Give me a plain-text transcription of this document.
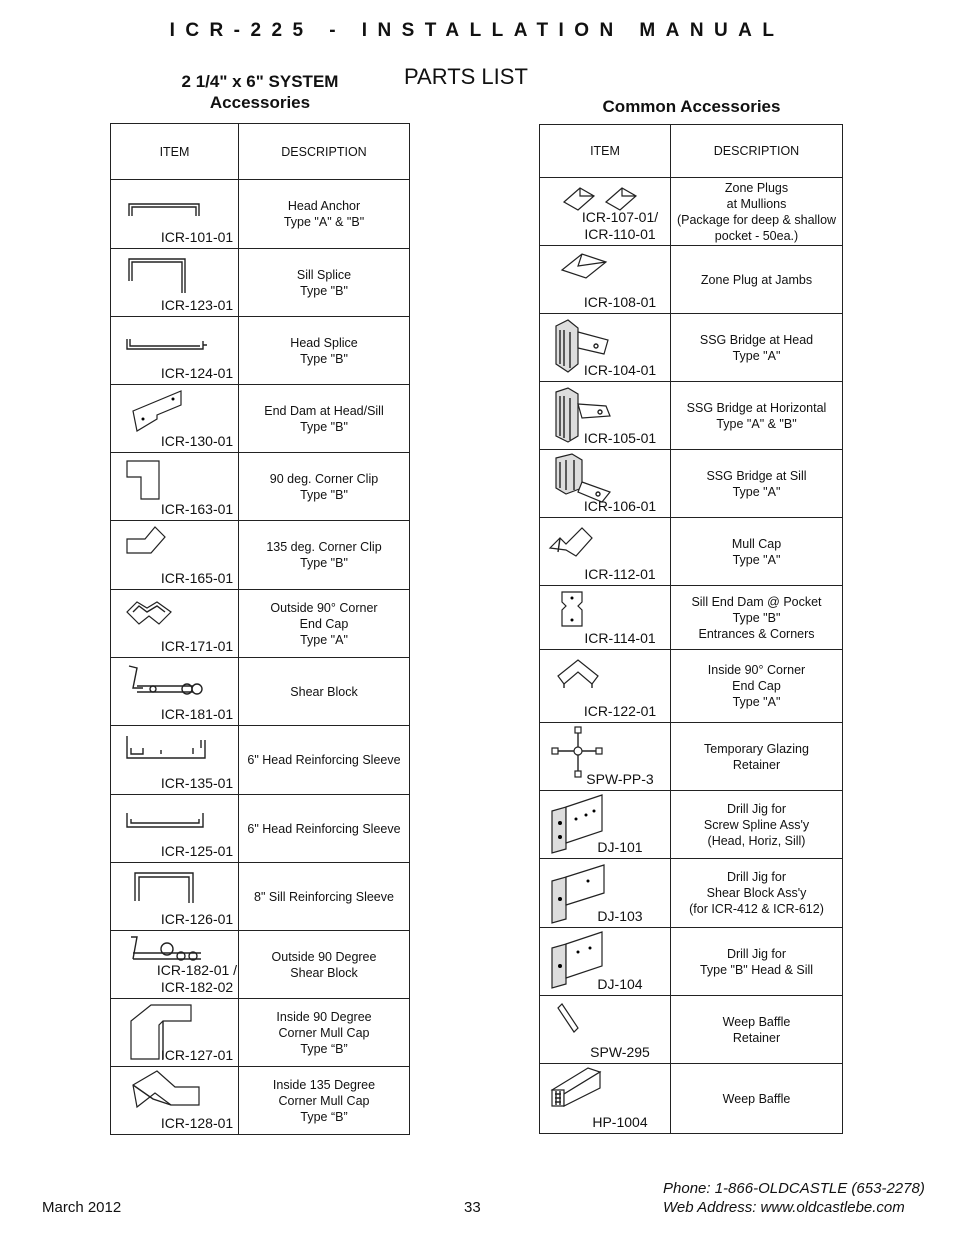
ICR-225 - INSTALLATION MANUAL
2 1/4" x 6" SYSTEM
Accessories
PARTS LIST
Common Accessories
ITEM	DESCRIPTION

ICR-101-01	Head Anchor
Type "A" & "B"

ICR-123-01	Sill Splice
Type "B"

ICR-124-01	Head Splice
Type "B"

ICR-130-01	End Dam at Head/Sill
Type "B"

ICR-163-01	90 deg. Corner Clip
Type "B"

ICR-165-01	135 deg. Corner Clip
Type "B"

ICR-171-01	Outside 90° Corner
End Cap
Type "A"

ICR-181-01	Shear Block

ICR-135-01	6" Head Reinforcing Sleeve

ICR-125-01	6" Head Reinforcing Sleeve

ICR-126-01	8" Sill Reinforcing Sleeve

ICR-182-01 /
ICR-182-02	Outside 90 Degree
Shear Block

ICR-127-01	Inside 90 Degree
Corner Mull Cap
Type “B”

ICR-128-01	Inside 135 Degree
Corner Mull Cap
Type “B”
ITEM	DESCRIPTION

ICR-107-01/
ICR-110-01	Zone Plugs
at Mullions
(Package for deep & shallow
pocket - 50ea.)

ICR-108-01	Zone Plug at Jambs

ICR-104-01	SSG Bridge at Head
Type "A"

ICR-105-01	SSG Bridge at Horizontal
Type "A" & "B"

ICR-106-01	SSG Bridge at Sill
Type "A"

ICR-112-01	Mull Cap
Type "A"

ICR-114-01	Sill End Dam @ Pocket
Type "B"
Entrances & Corners

ICR-122-01	Inside 90° Corner
End Cap
Type "A"

SPW-PP-3	Temporary Glazing
Retainer

DJ-101	Drill Jig for
Screw Spline Ass'y
(Head, Horiz, Sill)

DJ-103	Drill Jig for
Shear Block Ass'y
(for ICR-412 & ICR-612)

DJ-104	Drill Jig for
Type "B" Head & Sill

SPW-295	Weep Baffle
Retainer

HP-1004	Weep Baffle
March 2012	33
Phone: 1-866-OLDCASTLE (653-2278)
Web Address: www.oldcastlebe.com
